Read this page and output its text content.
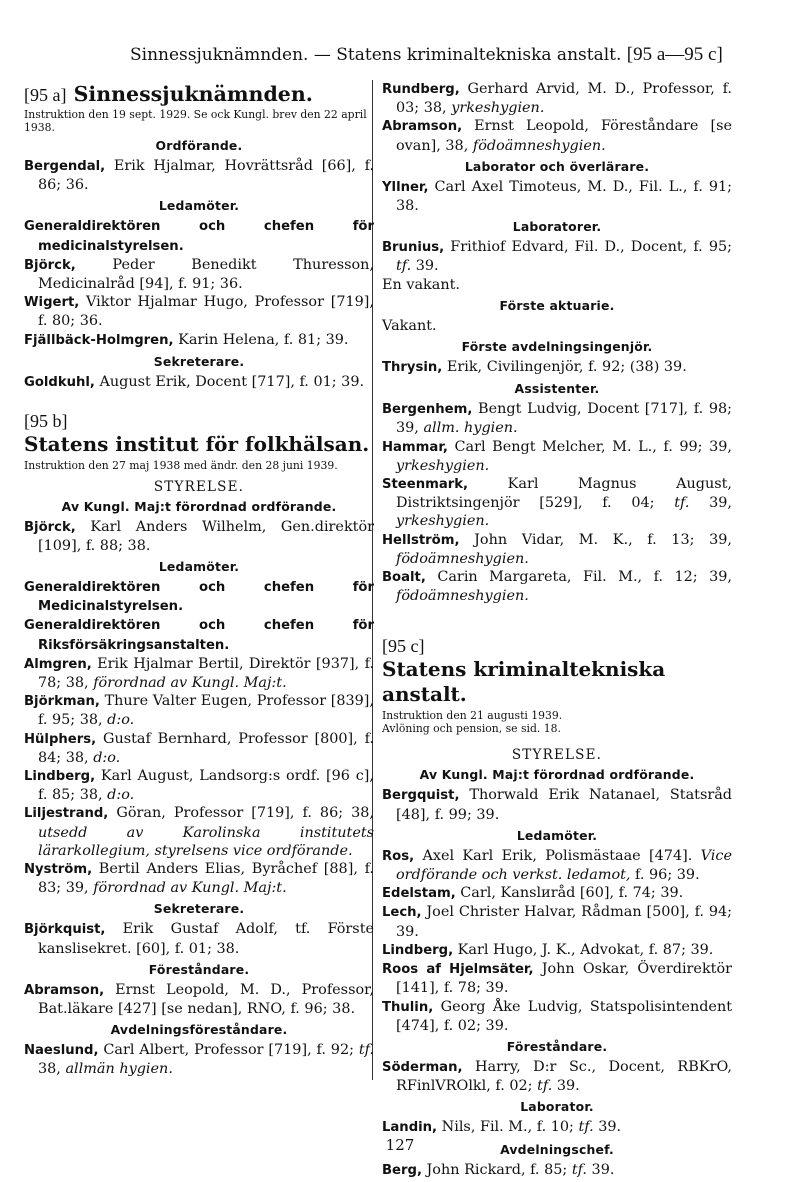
Sinnessjuknämnden. — Statens kriminaltekniska anstalt. [95 a—95 c]
[95 a] Sinnessjuknämnden.

Instruktion den 19 sept. 1929. Se ock Kungl. brev den 22 april 1938.

Ordförande.

Bergendal, Erik Hjalmar, Hovrättsråd [66], f. 86; 36.

Ledamöter.

Generaldirektören och chefen för medicinalstyrelsen.

Björck, Peder Benedikt Thuresson, Medicinalråd [94], f. 91; 36.

Wigert, Viktor Hjalmar Hugo, Professor [719], f. 80; 36.

Fjällbäck-Holmgren, Karin Helena, f. 81; 39.

Sekreterare.

Goldkuhl, August Erik, Docent [717], f. 01; 39.

[95 b]
Statens institut för folkhälsan.

Instruktion den 27 maj 1938 med ändr. den 28 juni 1939.

STYRELSE.
Av Kungl. Maj:t förordnad ordförande.

Björck, Karl Anders Wilhelm, Gen.direktör [109], f. 88; 38.

Ledamöter.

Generaldirektören och chefen för Medicinalstyrelsen.

Generaldirektören och chefen för Riksförsäkringsanstalten.

Almgren, Erik Hjalmar Bertil, Direktör [937], f. 78; 38, förordnad av Kungl. Maj:t.

Björkman, Thure Valter Eugen, Professor [839], f. 95; 38, d:o.

Hülphers, Gustaf Bernhard, Professor [800], f. 84; 38, d:o.

Lindberg, Karl August, Landsorg:s ordf. [96 c], f. 85; 38, d:o.

Liljestrand, Göran, Professor [719], f. 86; 38, utsedd av Karolinska institutets lärarkollegium, styrelsens vice ordförande.

Nyström, Bertil Anders Elias, Byråchef [88], f. 83; 39, förordnad av Kungl. Maj:t.

Sekreterare.

Björkquist, Erik Gustaf Adolf, tf. Förste kanslisekret. [60], f. 01; 38.

Föreståndare.

Abramson, Ernst Leopold, M. D., Professor, Bat.läkare [427] [se nedan], RNO, f. 96; 38.

Avdelningsföreståndare.

Naeslund, Carl Albert, Professor [719], f. 92; tf. 38, allmän hygien.

Rundberg, Gerhard Arvid, M. D., Professor, f. 03; 38, yrkeshygien.

Abramson, Ernst Leopold, Föreståndare [se ovan], 38, födoämneshygien.

Laborator och överlärare.

Yllner, Carl Axel Timoteus, M. D., Fil. L., f. 91; 38.

Laboratorer.

Brunius, Frithiof Edvard, Fil. D., Docent, f. 95; tf. 39.

En vakant.

Förste aktuarie.

Vakant.

Förste avdelningsingenjör.

Thrysin, Erik, Civilingenjör, f. 92; (38) 39.

Assistenter.

Bergenhem, Bengt Ludvig, Docent [717], f. 98; 39, allm. hygien.

Hammar, Carl Bengt Melcher, M. L., f. 99; 39, yrkeshygien.

Steenmark, Karl Magnus August, Distriktsingenjör [529], f. 04; tf. 39, yrkeshygien.

Hellström, John Vidar, M. K., f. 13; 39, födoämneshygien.

Boalt, Carin Margareta, Fil. M., f. 12; 39, födoämneshygien.

[95 c]
Statens kriminaltekniska anstalt.

Instruktion den 21 augusti 1939.

Avlöning och pension, se sid. 18.

STYRELSE.
Av Kungl. Maj:t förordnad ordförande.

Bergquist, Thorwald Erik Natanael, Statsråd [48], f. 99; 39.

Ledamöter.

Ros, Axel Karl Erik, Polismästaae [474]. Vice ordförande och verkst. ledamot, f. 96; 39.

Edelstam, Carl, Kanslиråd [60], f. 74; 39.

Lech, Joel Christer Halvar, Rådman [500], f. 94; 39.

Lindberg, Karl Hugo, J. K., Advokat, f. 87; 39.

Roos af Hjelmsäter, John Oskar, Överdirektör [141], f. 78; 39.

Thulin, Georg Åke Ludvig, Statspolisintendent [474], f. 02; 39.

Föreståndare.

Söderman, Harry, D:r Sc., Docent, RBKrO, RFinlVROlkl, f. 02; tf. 39.

Laborator.

Landin, Nils, Fil. M., f. 10; tf. 39.

Avdelningschef.

Berg, John Rickard, f. 85; tf. 39.

127
